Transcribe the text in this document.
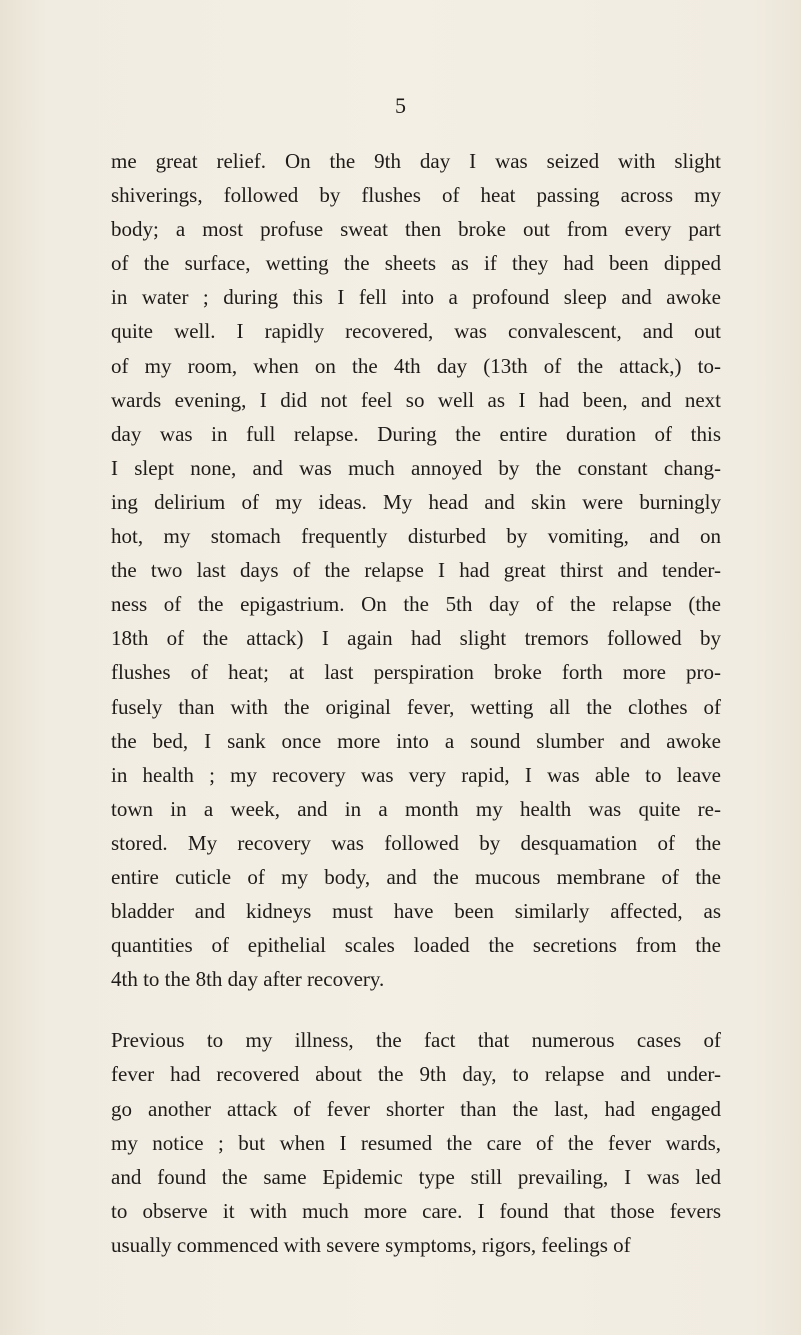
5
me great relief. On the 9th day I was seized with slight
shiverings, followed by flushes of heat passing across my
body; a most profuse sweat then broke out from every part
of the surface, wetting the sheets as if they had been dipped
in water ; during this I fell into a profound sleep and awoke
quite well. I rapidly recovered, was convalescent, and out
of my room, when on the 4th day (13th of the attack,) to-
wards evening, I did not feel so well as I had been, and next
day was in full relapse. During the entire duration of this
I slept none, and was much annoyed by the constant chang-
ing delirium of my ideas. My head and skin were burningly
hot, my stomach frequently disturbed by vomiting, and on
the two last days of the relapse I had great thirst and tender-
ness of the epigastrium. On the 5th day of the relapse (the
18th of the attack) I again had slight tremors followed by
flushes of heat; at last perspiration broke forth more pro-
fusely than with the original fever, wetting all the clothes of
the bed, I sank once more into a sound slumber and awoke
in health ; my recovery was very rapid, I was able to leave
town in a week, and in a month my health was quite re-
stored. My recovery was followed by desquamation of the
entire cuticle of my body, and the mucous membrane of the
bladder and kidneys must have been similarly affected, as
quantities of epithelial scales loaded the secretions from the
4th to the 8th day after recovery.
Previous to my illness, the fact that numerous cases of
fever had recovered about the 9th day, to relapse and under-
go another attack of fever shorter than the last, had engaged
my notice ; but when I resumed the care of the fever wards,
and found the same Epidemic type still prevailing, I was led
to observe it with much more care. I found that those fevers
usually commenced with severe symptoms, rigors, feelings of
